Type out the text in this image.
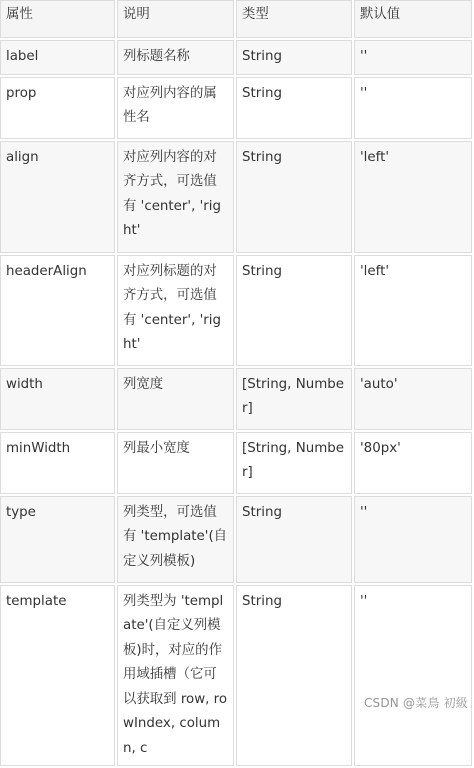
属性	说明	类型	默认值
label	列标题名称	String	''
prop	对应列内容的属性名	String	''
align	对应列内容的对齐方式，可选值有 'center', 'right'	String	'left'
headerAlign	对应列标题的对齐方式，可选值有 'center', 'right'	String	'left'
width	列宽度	[String, Number]	'auto'
minWidth	列最小宽度	[String, Number]	'80px'
type	列类型，可选值有 'template'(自定义列模板)	String	''
template	列类型为 'template'(自定义列模板)时，对应的作用域插槽（它可以获取到 row, rowIndex, column, c	String	''
CSDN @菜鳥 初級
